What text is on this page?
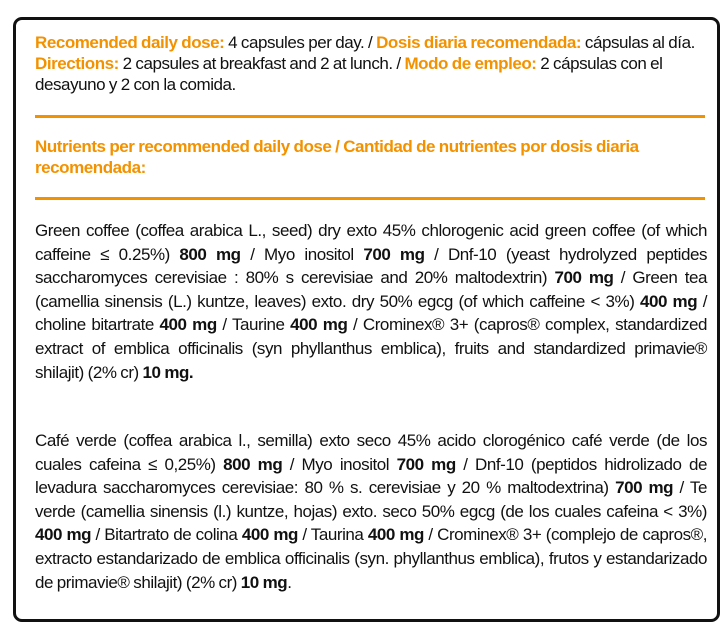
Recomended daily dose: 4 capsules per day. / Dosis diaria recomendada: cápsulas al día. Directions: 2 capsules at breakfast and 2 at lunch. / Modo de empleo: 2 cápsulas con el desayuno y 2 con la comida.
Nutrients per recommended daily dose / Cantidad de nutrientes por dosis diaria recomendada:
Green coffee (coffea arabica L., seed) dry exto 45% chlorogenic acid green coffee (of which caffeine ≤ 0.25%) 800 mg / Myo inositol 700 mg / Dnf-10 (yeast hydrolyzed peptides saccharomyces cerevisiae : 80% s cerevisiae and 20% maltodextrin) 700 mg / Green tea (camellia sinensis (L.) kuntze, leaves) exto. dry 50% egcg (of which caffeine < 3%) 400 mg / choline bitartrate 400 mg / Taurine 400 mg / Crominex® 3+ (capros® complex, standardized extract of emblica officinalis (syn phyllanthus emblica), fruits and standardized primavie® shilajit) (2% cr) 10 mg.
Café verde (coffea arabica l., semilla) exto seco 45% acido clorogénico café verde (de los cuales cafeina ≤ 0,25%) 800 mg / Myo inositol 700 mg / Dnf-10 (peptidos hidrolizado de levadura saccharomyces cerevisiae: 80 % s. cerevisiae y 20 % maltodextrina) 700 mg / Te verde (camellia sinensis (l.) kuntze, hojas) exto. seco 50% egcg (de los cuales cafeina < 3%) 400 mg / Bitartrato de colina 400 mg / Taurina 400 mg / Crominex® 3+ (complejo de capros®, extracto estandarizado de emblica officinalis (syn. phyllanthus emblica), frutos y estandarizado de primavie® shilajit) (2% cr) 10 mg.
